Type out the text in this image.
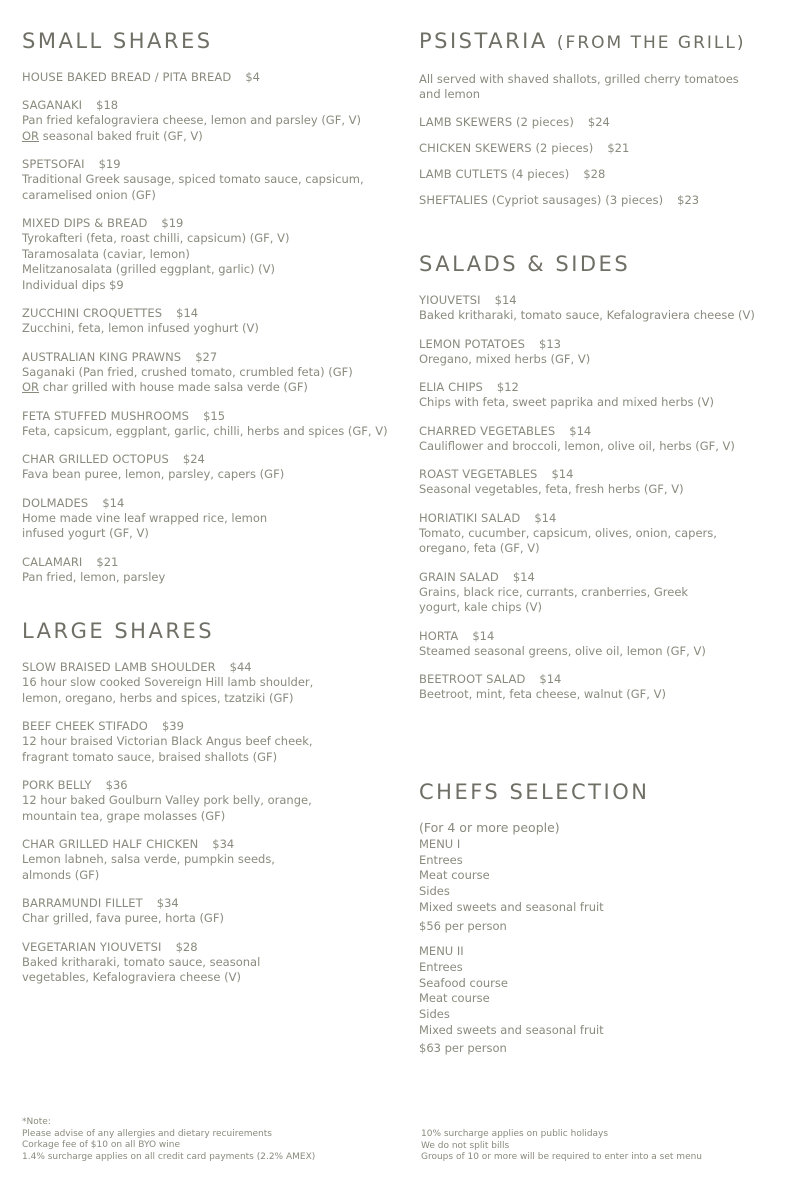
SMALL SHARES
HOUSE BAKED BREAD / PITA BREAD $4
SAGANAKI $18
Pan fried kefalograviera cheese, lemon and parsley (GF, V)
OR seasonal baked fruit (GF, V)
SPETSOFAI $19
Traditional Greek sausage, spiced tomato sauce, capsicum,
caramelised onion (GF)
MIXED DIPS & BREAD $19
Tyrokafteri (feta, roast chilli, capsicum) (GF, V)
Taramosalata (caviar, lemon)
Melitzanosalata (grilled eggplant, garlic) (V)
Individual dips $9
ZUCCHINI CROQUETTES $14
Zucchini, feta, lemon infused yoghurt (V)
AUSTRALIAN KING PRAWNS $27
Saganaki (Pan fried, crushed tomato, crumbled feta) (GF)
OR char grilled with house made salsa verde (GF)
FETA STUFFED MUSHROOMS $15
Feta, capsicum, eggplant, garlic, chilli, herbs and spices (GF, V)
CHAR GRILLED OCTOPUS $24
Fava bean puree, lemon, parsley, capers (GF)
DOLMADES $14
Home made vine leaf wrapped rice, lemon
infused yogurt (GF, V)
CALAMARI $21
Pan fried, lemon, parsley
LARGE SHARES
SLOW BRAISED LAMB SHOULDER $44
16 hour slow cooked Sovereign Hill lamb shoulder,
lemon, oregano, herbs and spices, tzatziki (GF)
BEEF CHEEK STIFADO $39
12 hour braised Victorian Black Angus beef cheek,
fragrant tomato sauce, braised shallots (GF)
PORK BELLY $36
12 hour baked Goulburn Valley pork belly, orange,
mountain tea, grape molasses (GF)
CHAR GRILLED HALF CHICKEN $34
Lemon labneh, salsa verde, pumpkin seeds,
almonds (GF)
BARRAMUNDI FILLET $34
Char grilled, fava puree, horta (GF)
VEGETARIAN YIOUVETSI $28
Baked kritharaki, tomato sauce, seasonal
vegetables, Kefalograviera cheese (V)
PSISTARIA (FROM THE GRILL)
All served with shaved shallots, grilled cherry tomatoes
and lemon
LAMB SKEWERS (2 pieces) $24
CHICKEN SKEWERS (2 pieces) $21
LAMB CUTLETS (4 pieces) $28
SHEFTALIES (Cypriot sausages) (3 pieces) $23
SALADS & SIDES
YIOUVETSI $14
Baked kritharaki, tomato sauce, Kefalograviera cheese (V)
LEMON POTATOES $13
Oregano, mixed herbs (GF, V)
ELIA CHIPS $12
Chips with feta, sweet paprika and mixed herbs (V)
CHARRED VEGETABLES $14
Cauliflower and broccoli, lemon, olive oil, herbs (GF, V)
ROAST VEGETABLES $14
Seasonal vegetables, feta, fresh herbs (GF, V)
HORIATIKI SALAD $14
Tomato, cucumber, capsicum, olives, onion, capers,
oregano, feta (GF, V)
GRAIN SALAD $14
Grains, black rice, currants, cranberries, Greek
yogurt, kale chips (V)
HORTA $14
Steamed seasonal greens, olive oil, lemon (GF, V)
BEETROOT SALAD $14
Beetroot, mint, feta cheese, walnut (GF, V)
CHEFS SELECTION
(For 4 or more people)
MENU I
Entrees
Meat course
Sides
Mixed sweets and seasonal fruit
$56 per person
MENU II
Entrees
Seafood course
Meat course
Sides
Mixed sweets and seasonal fruit
$63 per person
*Note:
Please advise of any allergies and dietary recuirements
Corkage fee of $10 on all BYO wine
1.4% surcharge applies on all credit card payments (2.2% AMEX)
10% surcharge applies on public holidays
We do not split bills
Groups of 10 or more will be required to enter into a set menu
